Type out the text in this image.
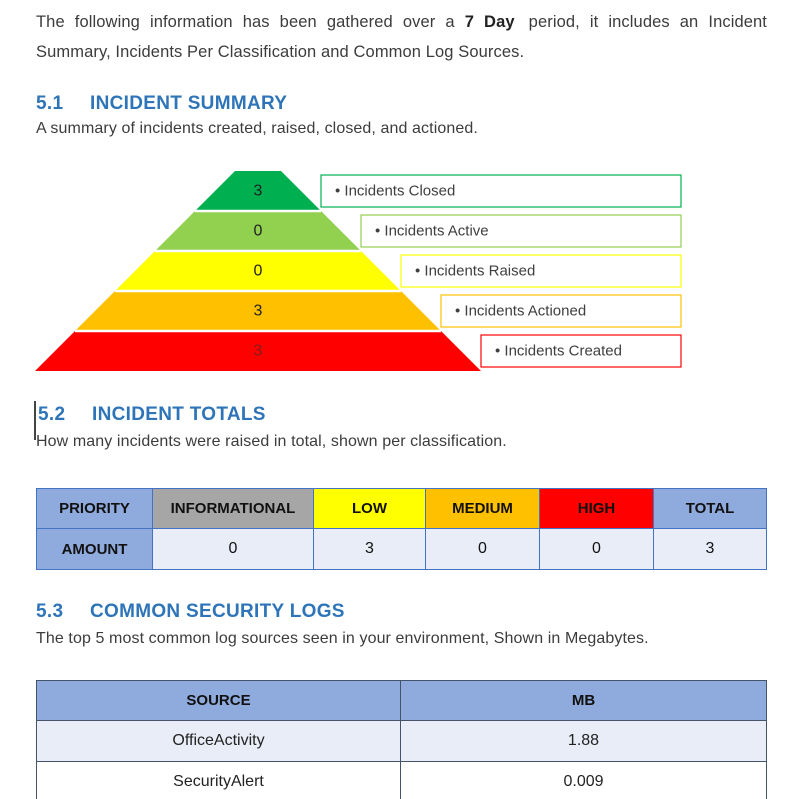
The following information has been gathered over a 7 Day period, it includes an Incident Summary, Incidents Per Classification and Common Log Sources.

5.1	INCIDENT SUMMARY

A summary of incidents created, raised, closed, and actioned.

• Incidents Closed
• Incidents Active
• Incidents Raised
• Incidents Actioned
• Incidents Created
3
0
0
3
3
5.2	INCIDENT TOTALS

How many incidents were raised in total, shown per classification.

PRIORITY	INFORMATIONAL	LOW	MEDIUM	HIGH	TOTAL
AMOUNT	0	3	0	0	3
5.3	COMMON SECURITY LOGS

The top 5 most common log sources seen in your environment, Shown in Megabytes.

SOURCE	MB
OfficeActivity	1.88
SecurityAlert	0.009
